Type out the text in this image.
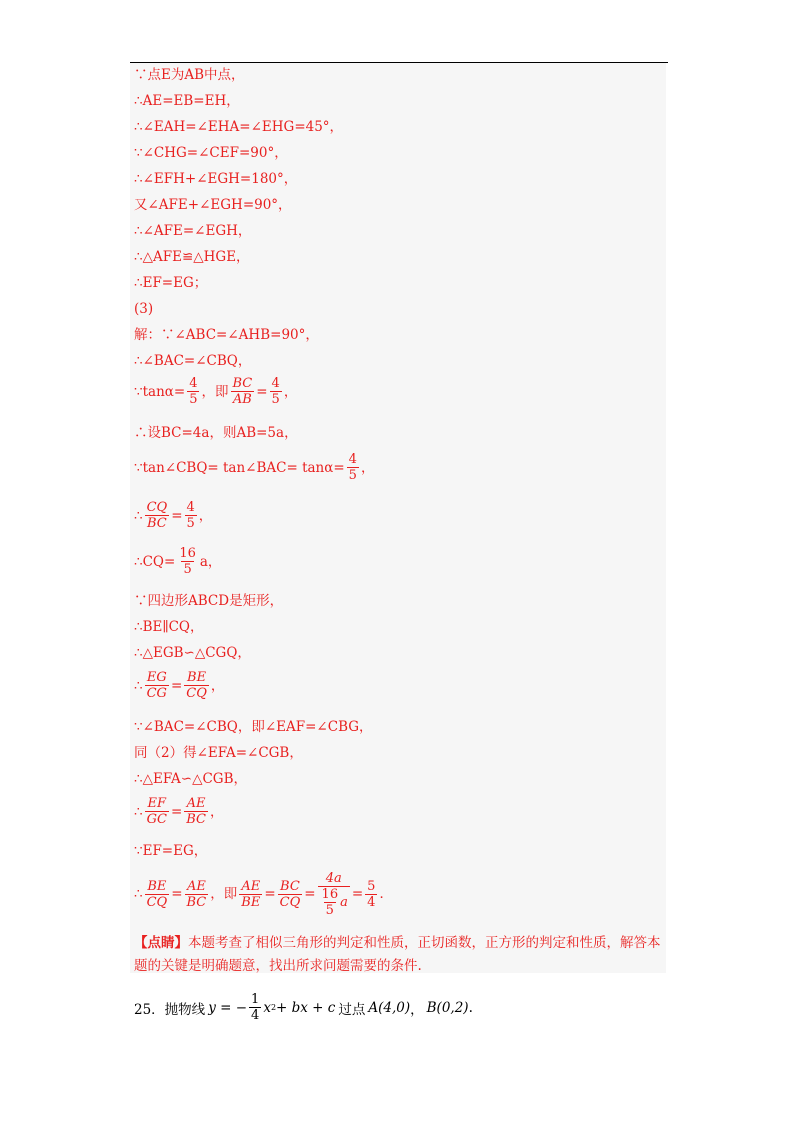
∵点E为AB中点，
∴AE=EB=EH，
∴∠EAH=∠EHA=∠EHG=45°，
∵∠CHG=∠CEF=90°，
∴∠EFH+∠EGH=180°，
又∠AFE+∠EGH=90°，
∴∠AFE=∠EGH，
∴△AFE≌△HGE，
∴EF=EG；
(3)
解：∵∠ABC=∠AHB=90°，
∴∠BAC=∠CBQ，
∵tanα= $\frac{4}{5}$ ，即 $\frac{BC}{AB} = \frac{4}{5}$ ，
∴设BC=4a，则AB=5a，
∵tan∠CBQ= tan∠BAC= $\tan\alpha= \frac{4}{5}$ ，
∴ $\frac{CQ}{BC} = \frac{4}{5}$ ，
∴CQ= $\frac{16}{5}$ a，
∵四边形ABCD是矩形，
∴BE∥CQ，
∴△EGB∽△CGQ，
∴ $\frac{EG}{CG} = \frac{BE}{CQ}$ ，
∵∠BAC=∠CBQ，即∠EAF=∠CBG，
同（2）得∠EFA=∠CGB，
∴△EFA∽△CGB，
∴ $\frac{EF}{GC} = \frac{AE}{BC}$ ，
∵EF=EG，
∴ $\frac{BE}{CQ} = \frac{AE}{BC}$ ，即 $\frac{AE}{BE} = \frac{BC}{CQ} = \frac{4a}{\frac{16}{5} a} = \frac{5}{4}$ ．
【点睛】本题考查了相似三角形的判定和性质，正切函数，正方形的判定和性质，解答本题的关键是明确题意，找出所求问题需要的条件.
25．抛物线 y = − $\frac{1}{4}$ x 2 + bx + c 过点 A(4,0) ， B(0,2) .
